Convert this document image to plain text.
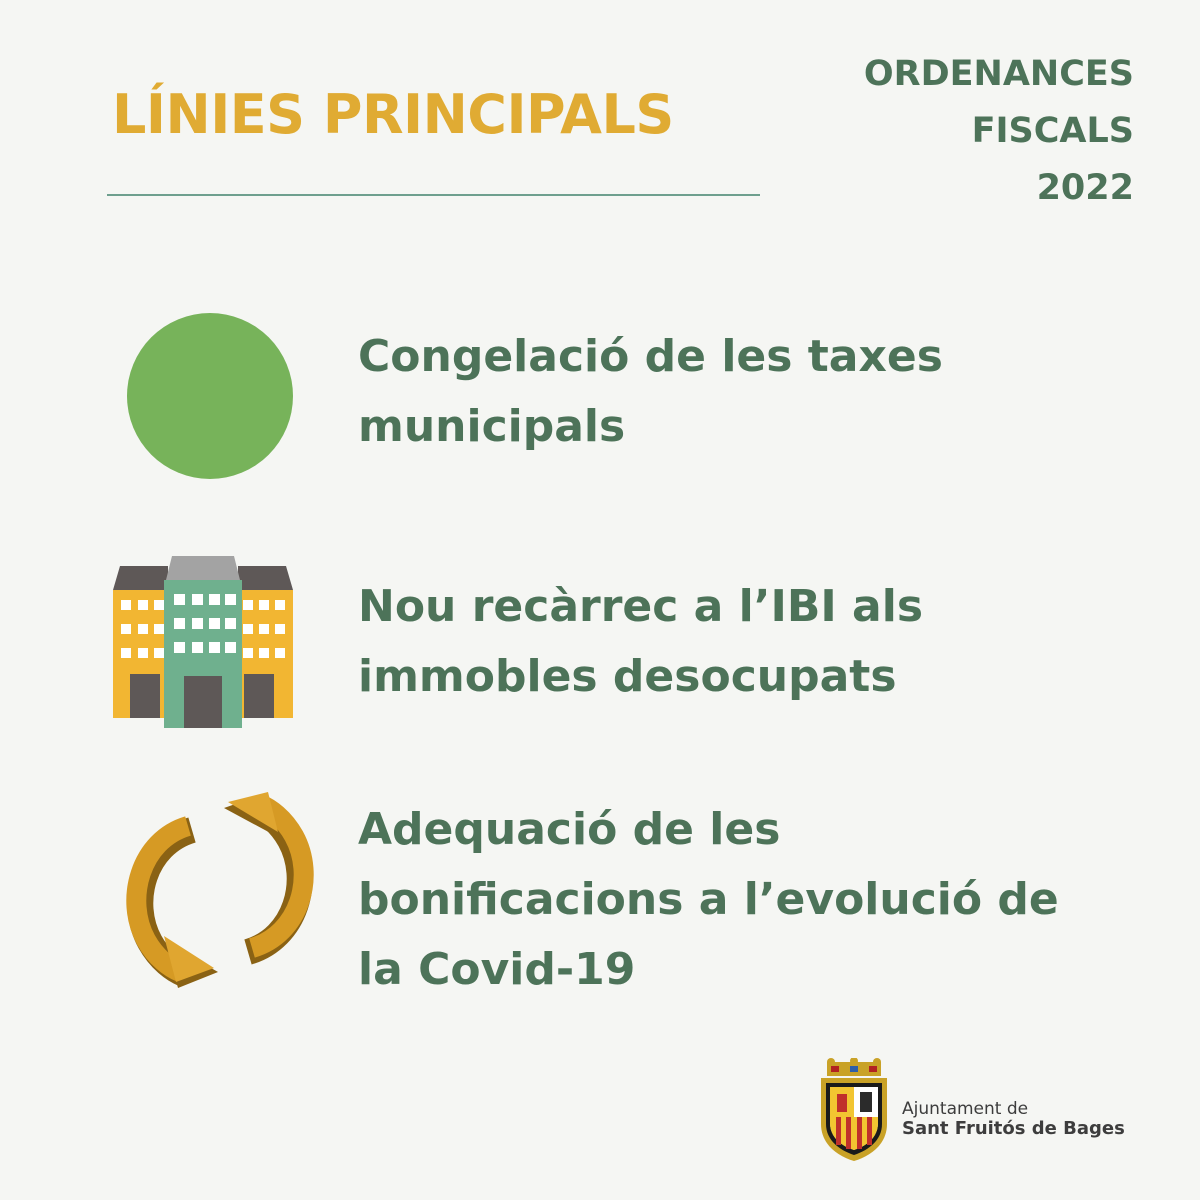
LÍNIES PRINCIPALS
ORDENANCES
FISCALS
2022
Congelació de les taxes
municipals
Nou recàrrec a l’IBI als
immobles desocupats
Adequació de les
bonificacions a l’evolució de
la Covid-19
Ajuntament de
Sant Fruitós de Bages
